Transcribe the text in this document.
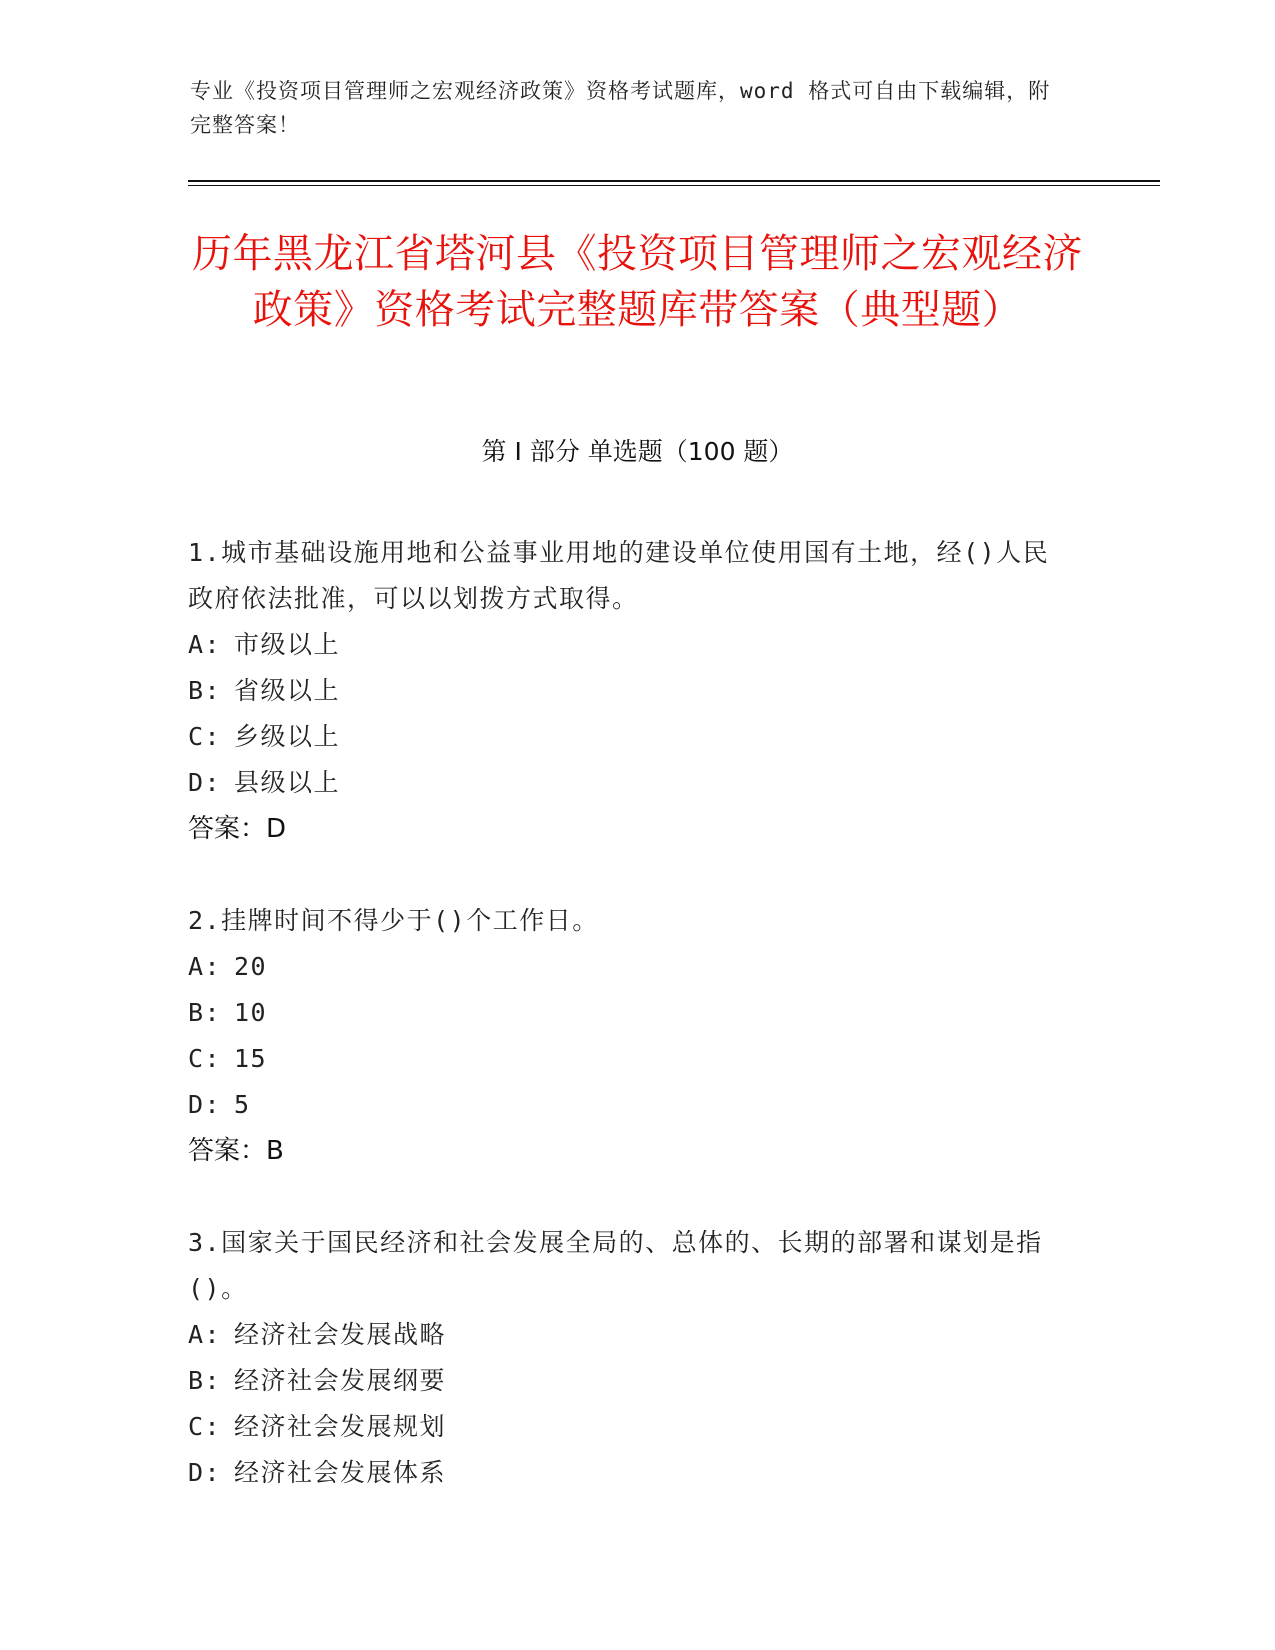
专业《投资项目管理师之宏观经济政策》资格考试题库，word 格式可自由下载编辑，附完整答案！
历年黑龙江省塔河县《投资项目管理师之宏观经济政策》资格考试完整题库带答案（典型题）
第 I 部分 单选题（100 题）
1.城市基础设施用地和公益事业用地的建设单位使用国有土地，经()人民政府依法批准，可以以划拨方式取得。
A: 市级以上
B: 省级以上
C: 乡级以上
D: 县级以上
答案：D
2.挂牌时间不得少于()个工作日。
A: 20
B: 10
C: 15
D: 5
答案：B
3.国家关于国民经济和社会发展全局的、总体的、长期的部署和谋划是指()。
A: 经济社会发展战略
B: 经济社会发展纲要
C: 经济社会发展规划
D: 经济社会发展体系
